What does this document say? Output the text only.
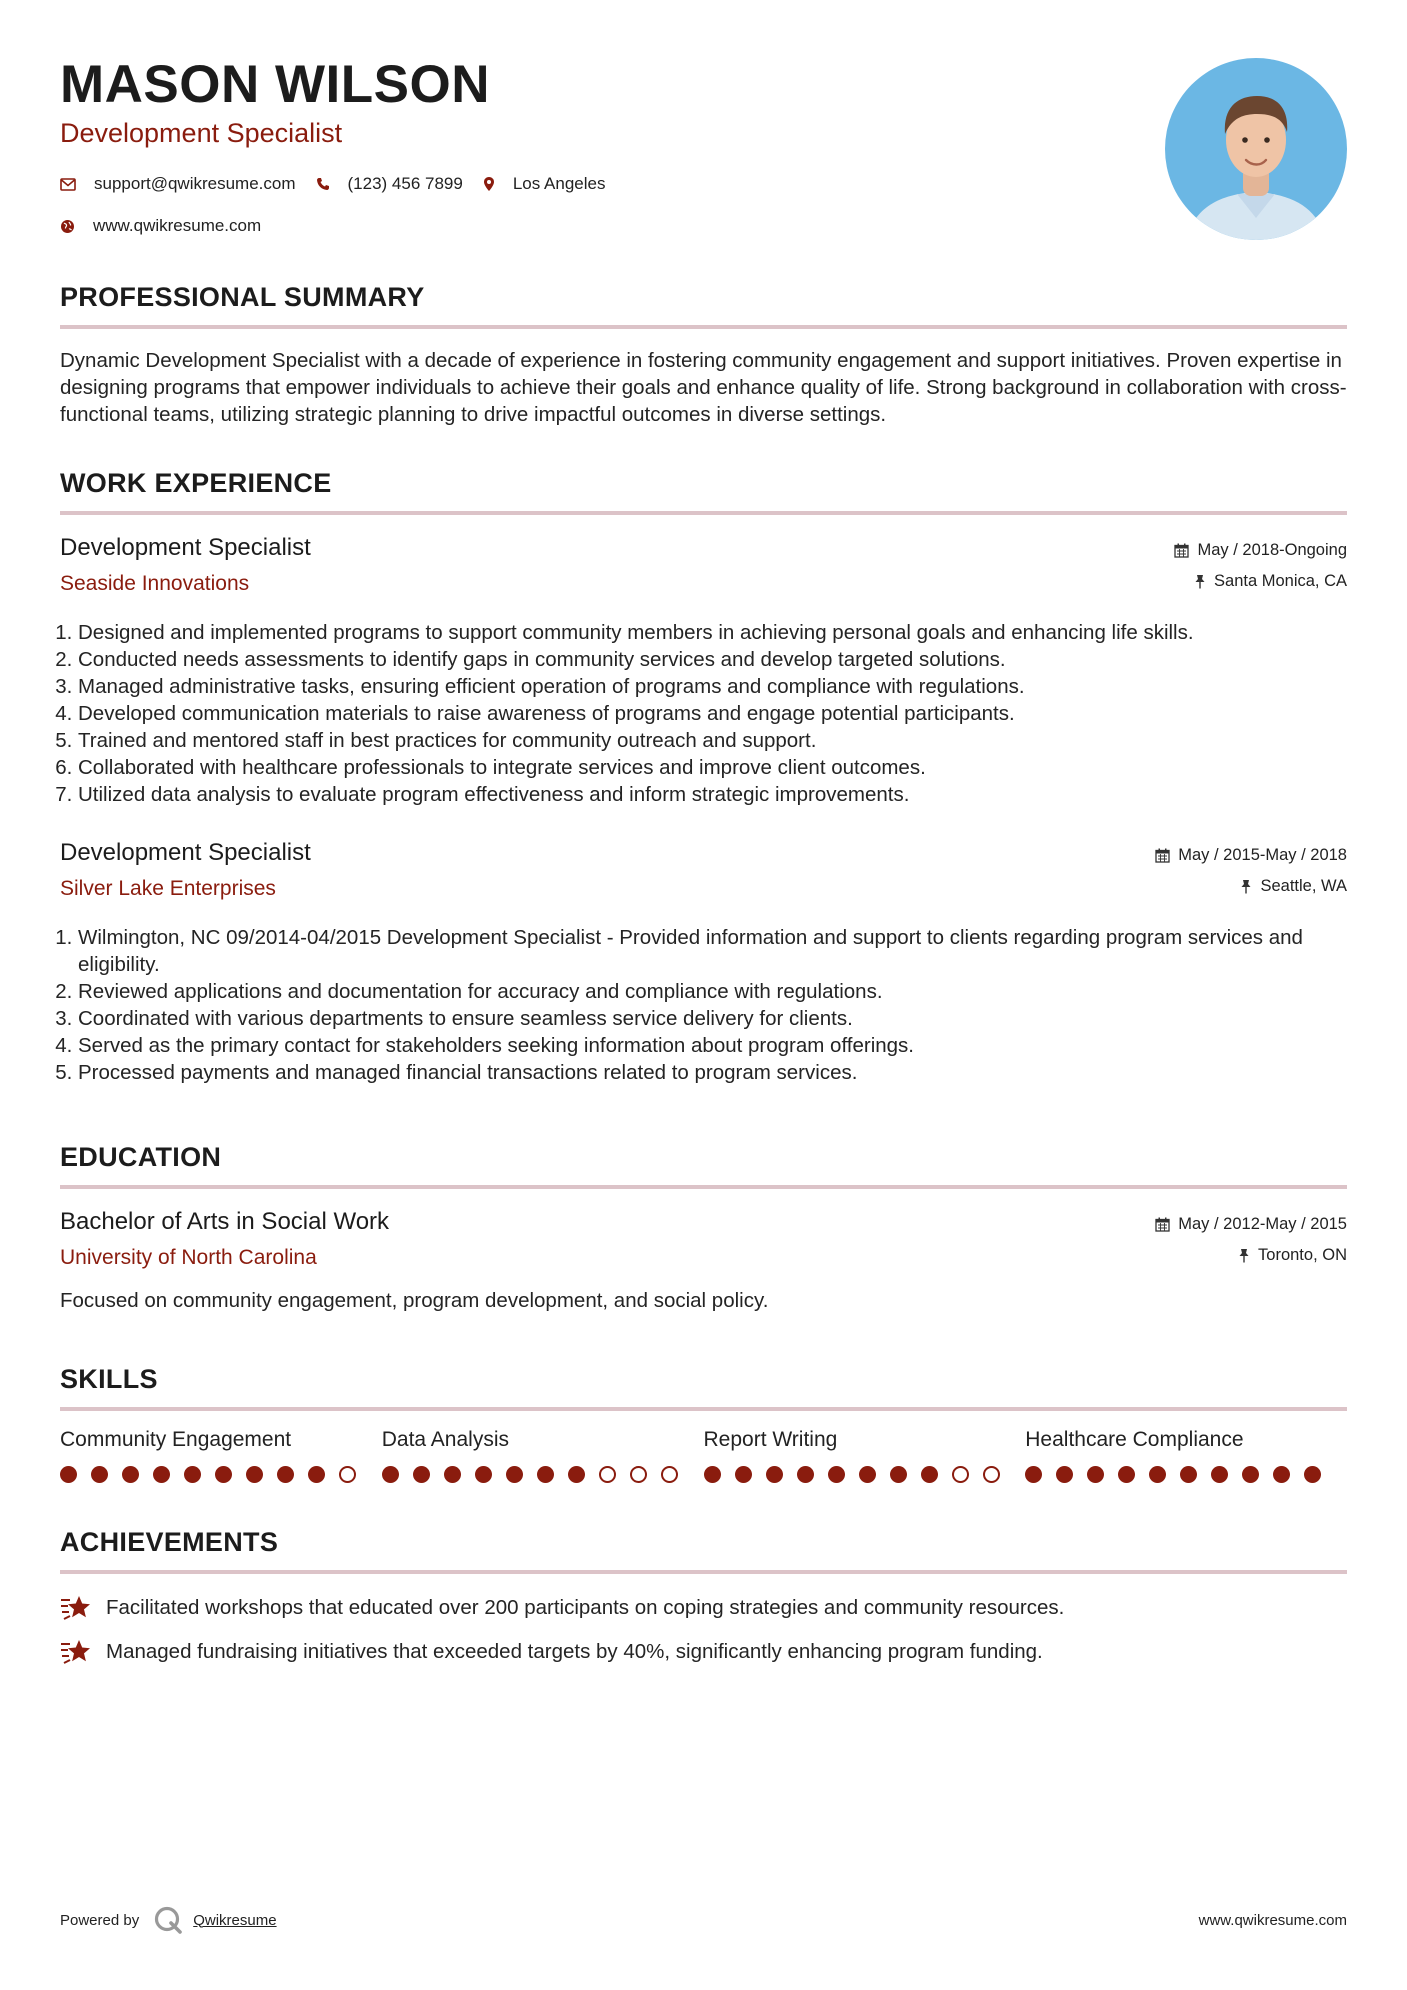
MASON WILSON
Development Specialist
support@qwikresume.com	(123) 456 7899	Los Angeles
www.qwikresume.com
PROFESSIONAL SUMMARY

Dynamic Development Specialist with a decade of experience in fostering community engagement and support initiatives. Proven expertise in designing programs that empower individuals to achieve their goals and enhance quality of life. Strong background in collaboration with cross-functional teams, utilizing strategic planning to drive impactful outcomes in diverse settings.

WORK EXPERIENCE
Development Specialist
Seaside Innovations
May / 2018-Ongoing
Santa Monica, CA
1. Designed and implemented programs to support community members in achieving personal goals and enhancing life skills.
2. Conducted needs assessments to identify gaps in community services and develop targeted solutions.
3. Managed administrative tasks, ensuring efficient operation of programs and compliance with regulations.
4. Developed communication materials to raise awareness of programs and engage potential participants.
5. Trained and mentored staff in best practices for community outreach and support.
6. Collaborated with healthcare professionals to integrate services and improve client outcomes.
7. Utilized data analysis to evaluate program effectiveness and inform strategic improvements.
Development Specialist
Silver Lake Enterprises
May / 2015-May / 2018
Seattle, WA
1. Wilmington, NC 09/2014-04/2015 Development Specialist - Provided information and support to clients regarding program services and eligibility.
2. Reviewed applications and documentation for accuracy and compliance with regulations.
3. Coordinated with various departments to ensure seamless service delivery for clients.
4. Served as the primary contact for stakeholders seeking information about program offerings.
5. Processed payments and managed financial transactions related to program services.
EDUCATION
Bachelor of Arts in Social Work
University of North Carolina
May / 2012-May / 2015
Toronto, ON

Focused on community engagement, program development, and social policy.

SKILLS
Community Engagement	Data Analysis	Report Writing	Healthcare Compliance
ACHIEVEMENTS
Facilitated workshops that educated over 200 participants on coping strategies and community resources.
Managed fundraising initiatives that exceeded targets by 40%, significantly enhancing program funding.
Powered by	Qwikresume	www.qwikresume.com
